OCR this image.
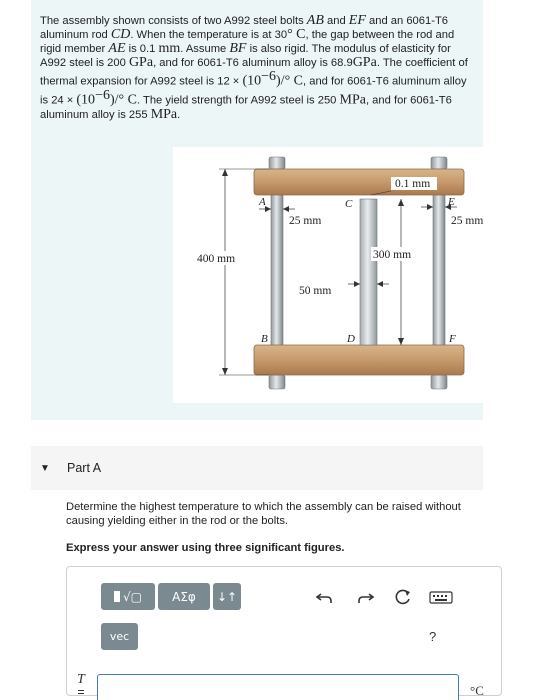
The assembly shown consists of two A992 steel bolts AB and EF and an 6061-T6 aluminum rod CD. When the temperature is at 30° C, the gap between the rod and rigid member AE is 0.1 mm. Assume BF is also rigid. The modulus of elasticity for A992 steel is 200 GPa, and for 6061-T6 aluminum alloy is 68.9GPa. The coefficient of thermal expansion for A992 steel is $12 \times (10^{-6})/^\circ$ C, and for 6061-T6 aluminum alloy is $24 \times (10^{-6})/^\circ$ C. The yield strength for A992 steel is 250 MPa, and for 6061-T6 aluminum alloy is 255 MPa.

0.1 mm
A	C	E
B	D	F
25 mm	25 mm
400 mm	300 mm
50 mm
▼	Part A

Determine the highest temperature to which the assembly can be raised without causing yielding either in the rod or the bolts.

Express your answer using three significant figures.

√▢	ΑΣφ	↓↑
vec	?
T
°C
